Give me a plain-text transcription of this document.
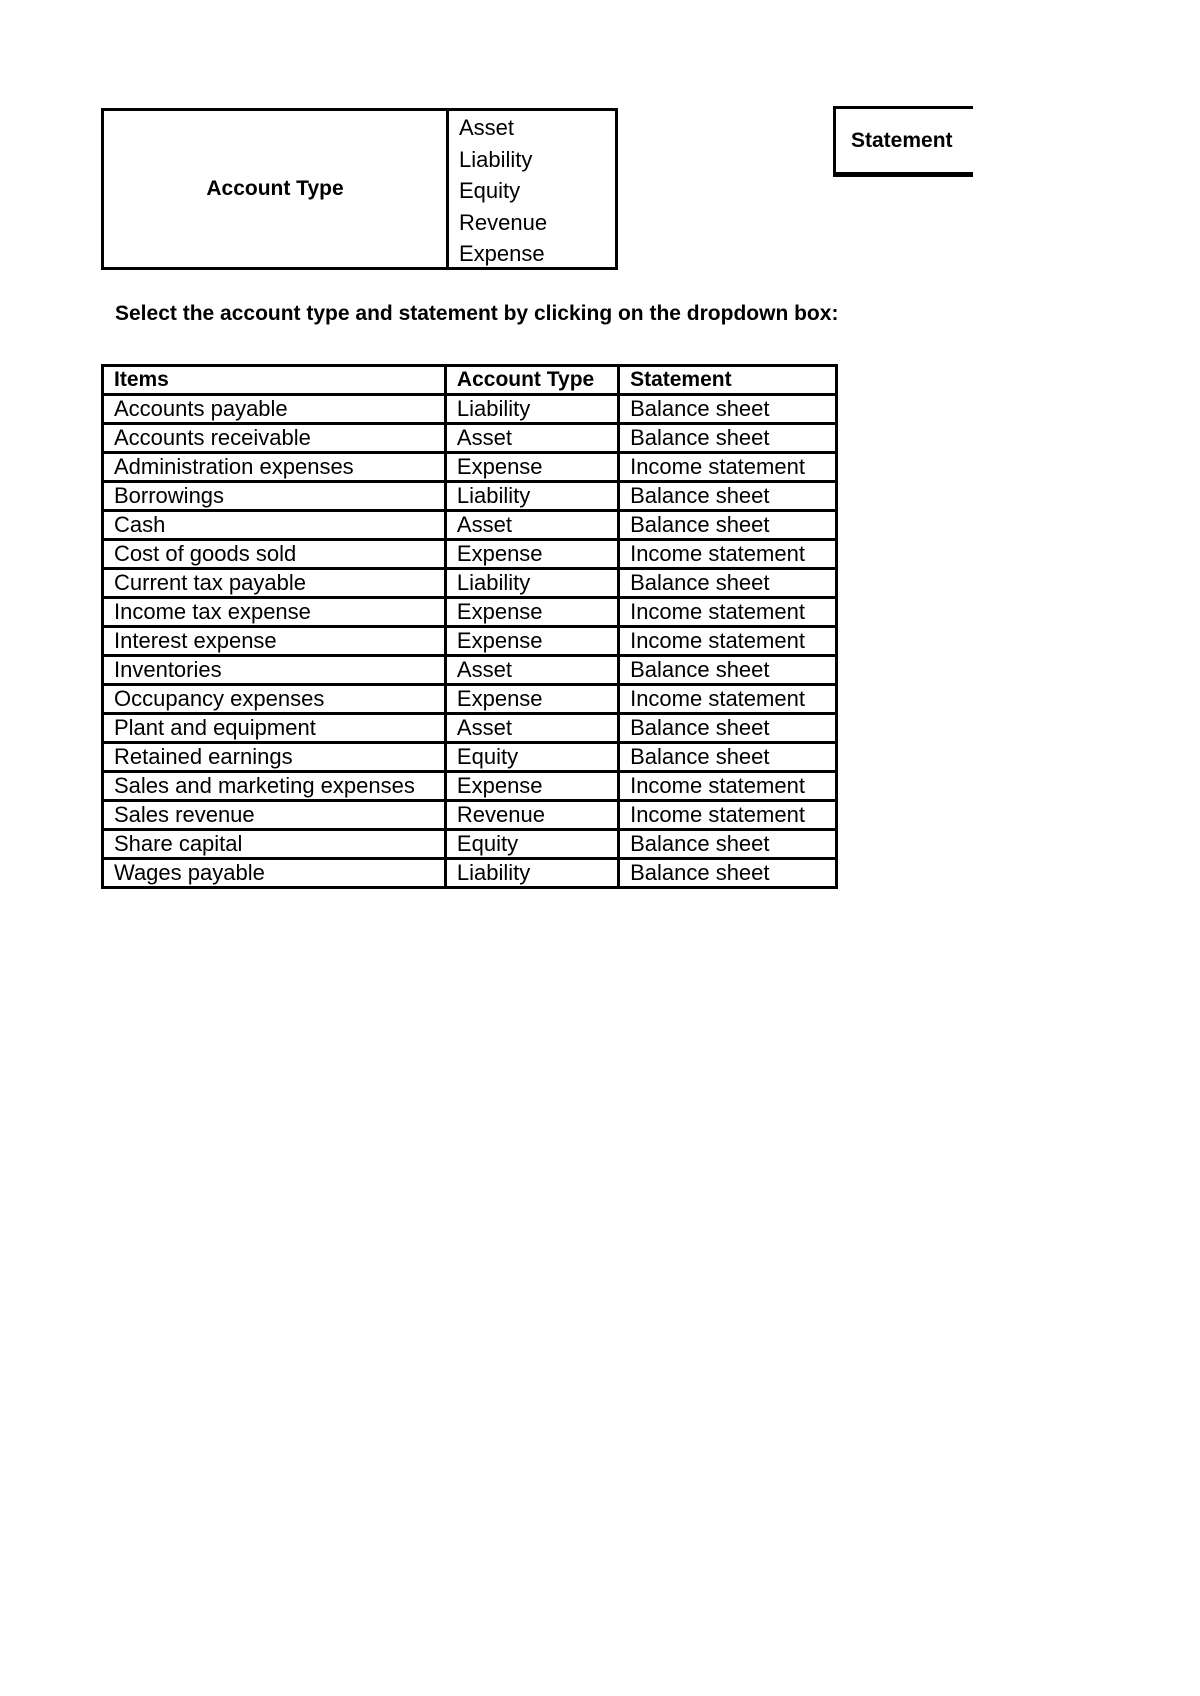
Account Type
Asset
Liability
Equity
Revenue
Expense
Statement
Select the account type and statement by clicking on the dropdown box:
Items	Account Type	Statement
Accounts payable	Liability	Balance sheet
Accounts receivable	Asset	Balance sheet
Administration expenses	Expense	Income statement
Borrowings	Liability	Balance sheet
Cash	Asset	Balance sheet
Cost of goods sold	Expense	Income statement
Current tax payable	Liability	Balance sheet
Income tax expense	Expense	Income statement
Interest expense	Expense	Income statement
Inventories	Asset	Balance sheet
Occupancy expenses	Expense	Income statement
Plant and equipment	Asset	Balance sheet
Retained earnings	Equity	Balance sheet
Sales and marketing expenses	Expense	Income statement
Sales revenue	Revenue	Income statement
Share capital	Equity	Balance sheet
Wages payable	Liability	Balance sheet
